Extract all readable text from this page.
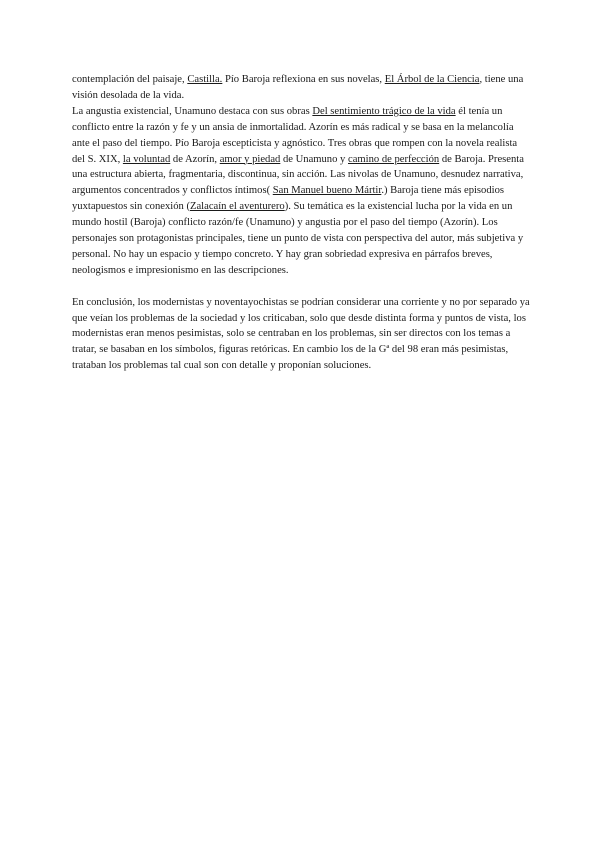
contemplación del paisaje, Castilla. Pío Baroja reflexiona en sus novelas, El Árbol de la Ciencia, tiene una visión desolada de la vida.

La angustia existencial, Unamuno destaca con sus obras Del sentimiento trágico de la vida él tenía un conflicto entre la razón y fe y un ansia de inmortalidad. Azorín es más radical y se basa en la melancolía ante el paso del tiempo. Pío Baroja escepticista y agnóstico. Tres obras que rompen con la novela realista del S. XIX, la voluntad de Azorín, amor y piedad de Unamuno y camino de perfección de Baroja. Presenta una estructura abierta, fragmentaria, discontinua, sin acción. Las nivolas de Unamuno, desnudez narrativa, argumentos concentrados y conflictos íntimos( San Manuel bueno Mártir.) Baroja tiene más episodios yuxtapuestos sin conexión (Zalacaín el aventurero). Su temática es la existencial lucha por la vida en un mundo hostil (Baroja) conflicto razón/fe (Unamuno) y angustia por el paso del tiempo (Azorín). Los personajes son protagonistas principales, tiene un punto de vista con perspectiva del autor, más subjetiva y personal. No hay un espacio y tiempo concreto. Y hay gran sobriedad expresiva en párrafos breves, neologismos e impresionismo en las descripciones.

En conclusión, los modernistas y noventayochistas se podrían considerar una corriente y no por separado ya que veían los problemas de la sociedad y los criticaban, solo que desde distinta forma y puntos de vista, los modernistas eran menos pesimistas, solo se centraban en los problemas, sin ser directos con los temas a tratar, se basaban en los símbolos, figuras retóricas. En cambio los de la Gª del 98 eran más pesimistas, trataban los problemas tal cual son con detalle y proponían soluciones.
